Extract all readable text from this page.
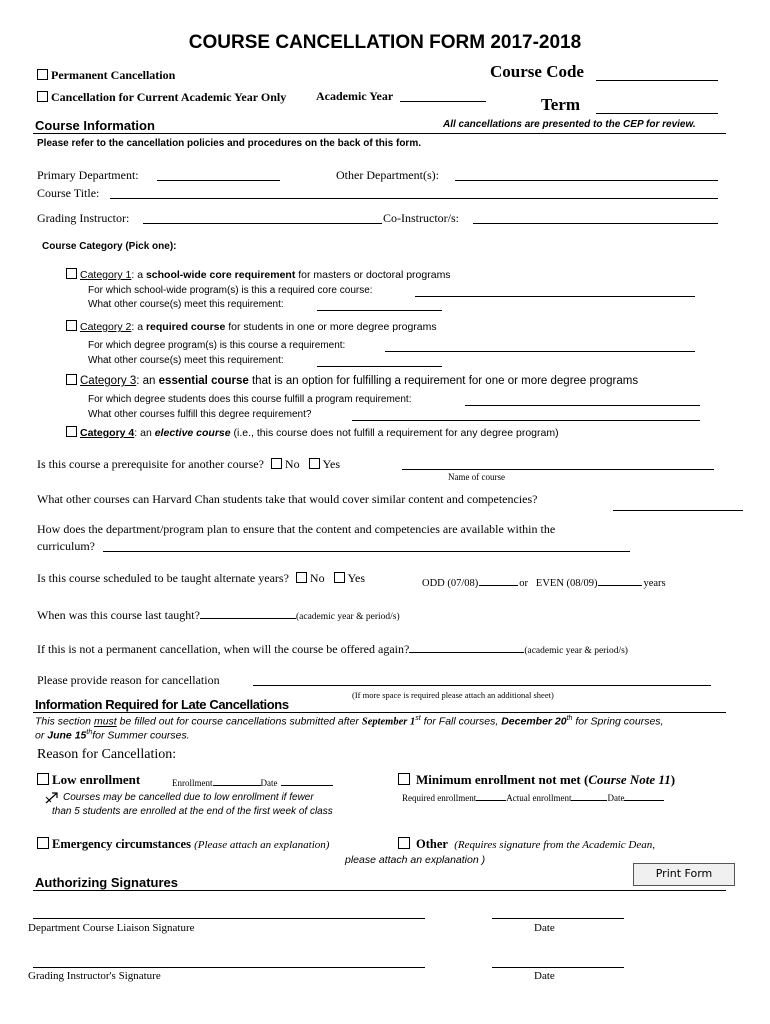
COURSE CANCELLATION FORM 2017-2018
Permanent Cancellation
Cancellation for Current Academic Year Only Academic Year
Course Code
Term
Course Information	All cancellations are presented to the CEP for review.
Please refer to the cancellation policies and procedures on the back of this form.
Primary Department:	Other Department(s):
Course Title:
Grading Instructor:	Co-Instructor/s:
Course Category (Pick one):
Category 1: a school-wide core requirement for masters or doctoral programs
For which school-wide program(s) is this a required core course:
What other course(s) meet this requirement:
Category 2: a required course for students in one or more degree programs
For which degree program(s) is this course a requirement:
What other course(s) meet this requirement:
Category 3: an essential course that is an option for fulfilling a requirement for one or more degree programs
For which degree students does this course fulfill a program requirement:
What other courses fulfill this degree requirement?
Category 4: an elective course (i.e., this course does not fulfill a requirement for any degree program)
Is this course a prerequisite for another course? No Yes
Name of course
What other courses can Harvard Chan students take that would cover similar content and competencies?
How does the department/program plan to ensure that the content and competencies are available within the
curriculum?
Is this course scheduled to be taught alternate years? No Yes	ODD (07/08)	or EVEN (08/09)	years
When was this course last taught?	(academic year & period/s)
If this is not a permanent cancellation, when will the course be offered again?	(academic year & period/s)
Please provide reason for cancellation
(If more space is required please attach an additional sheet)
Information Required for Late Cancellations
This section must be filled out for course cancellations submitted after September 1st for Fall courses, December 20th for Spring courses,
or June 15thfor Summer courses.
Reason for Cancellation:
Low enrollment	Enrollment	Date
Courses may be cancelled due to low enrollment if fewer
than 5 students are enrolled at the end of the first week of class
Minimum enrollment not met (Course Note 11)
Required enrollment	Actual enrollment	Date
Emergency circumstances (Please attach an explanation)	Other (Requires signature from the Academic Dean,
please attach an explanation )
Print Form
Authorizing Signatures
Department Course Liaison Signature	Date
Grading Instructor's Signature	Date
